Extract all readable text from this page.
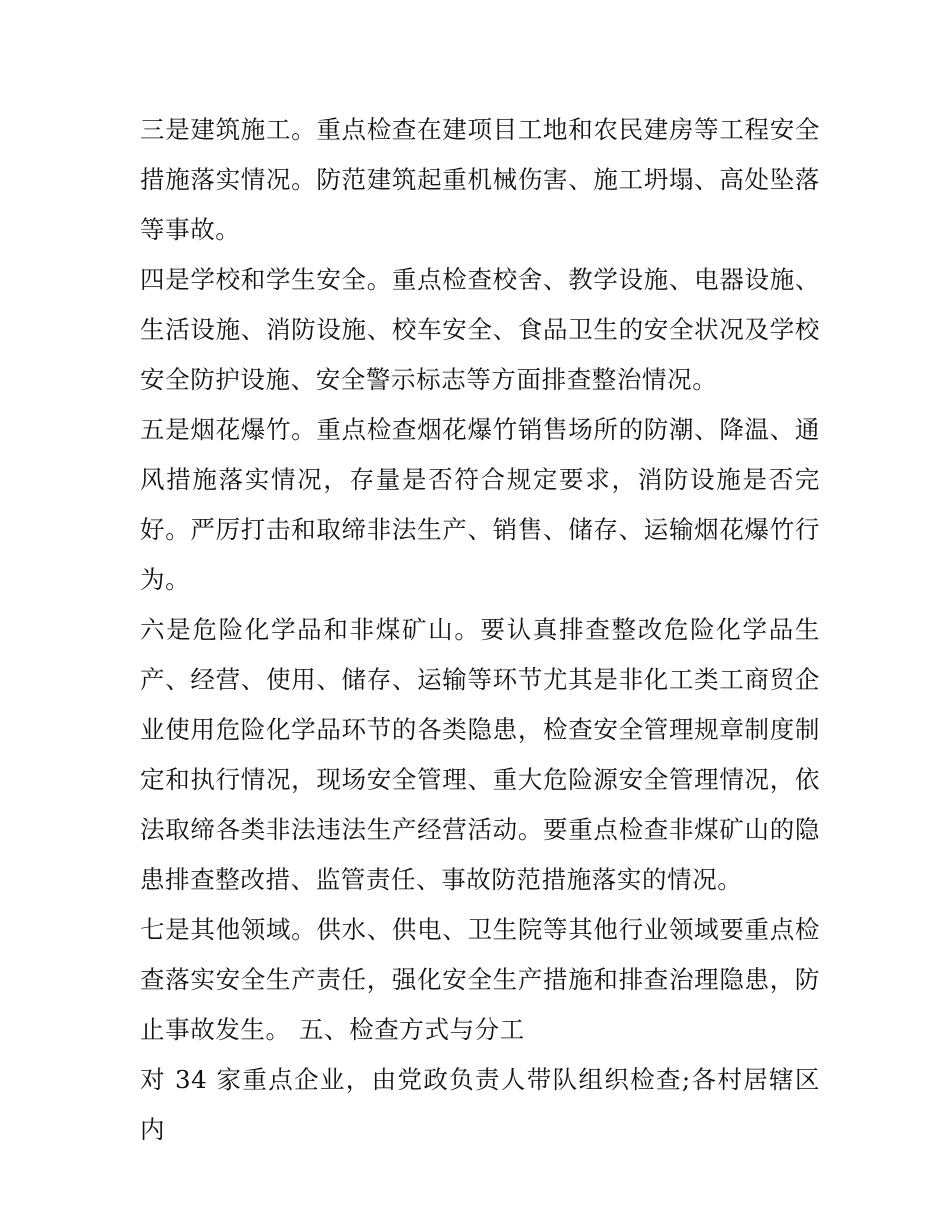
三是建筑施工。重点检查在建项目工地和农民建房等工程安全措施落实情况。防范建筑起重机械伤害、施工坍塌、高处坠落等事故。

四是学校和学生安全。重点检查校舍、教学设施、电器设施、生活设施、消防设施、校车安全、食品卫生的安全状况及学校安全防护设施、安全警示标志等方面排查整治情况。

五是烟花爆竹。重点检查烟花爆竹销售场所的防潮、降温、通风措施落实情况，存量是否符合规定要求，消防设施是否完好。严厉打击和取缔非法生产、销售、储存、运输烟花爆竹行为。

六是危险化学品和非煤矿山。要认真排查整改危险化学品生产、经营、使用、储存、运输等环节尤其是非化工类工商贸企业使用危险化学品环节的各类隐患，检查安全管理规章制度制定和执行情况，现场安全管理、重大危险源安全管理情况，依法取缔各类非法违法生产经营活动。要重点检查非煤矿山的隐患排查整改措、监管责任、事故防范措施落实的情况。

七是其他领域。供水、供电、卫生院等其他行业领域要重点检查落实安全生产责任，强化安全生产措施和排查治理隐患，防止事故发生。 五、检查方式与分工

对 34 家重点企业，由党政负责人带队组织检查;各村居辖区内
